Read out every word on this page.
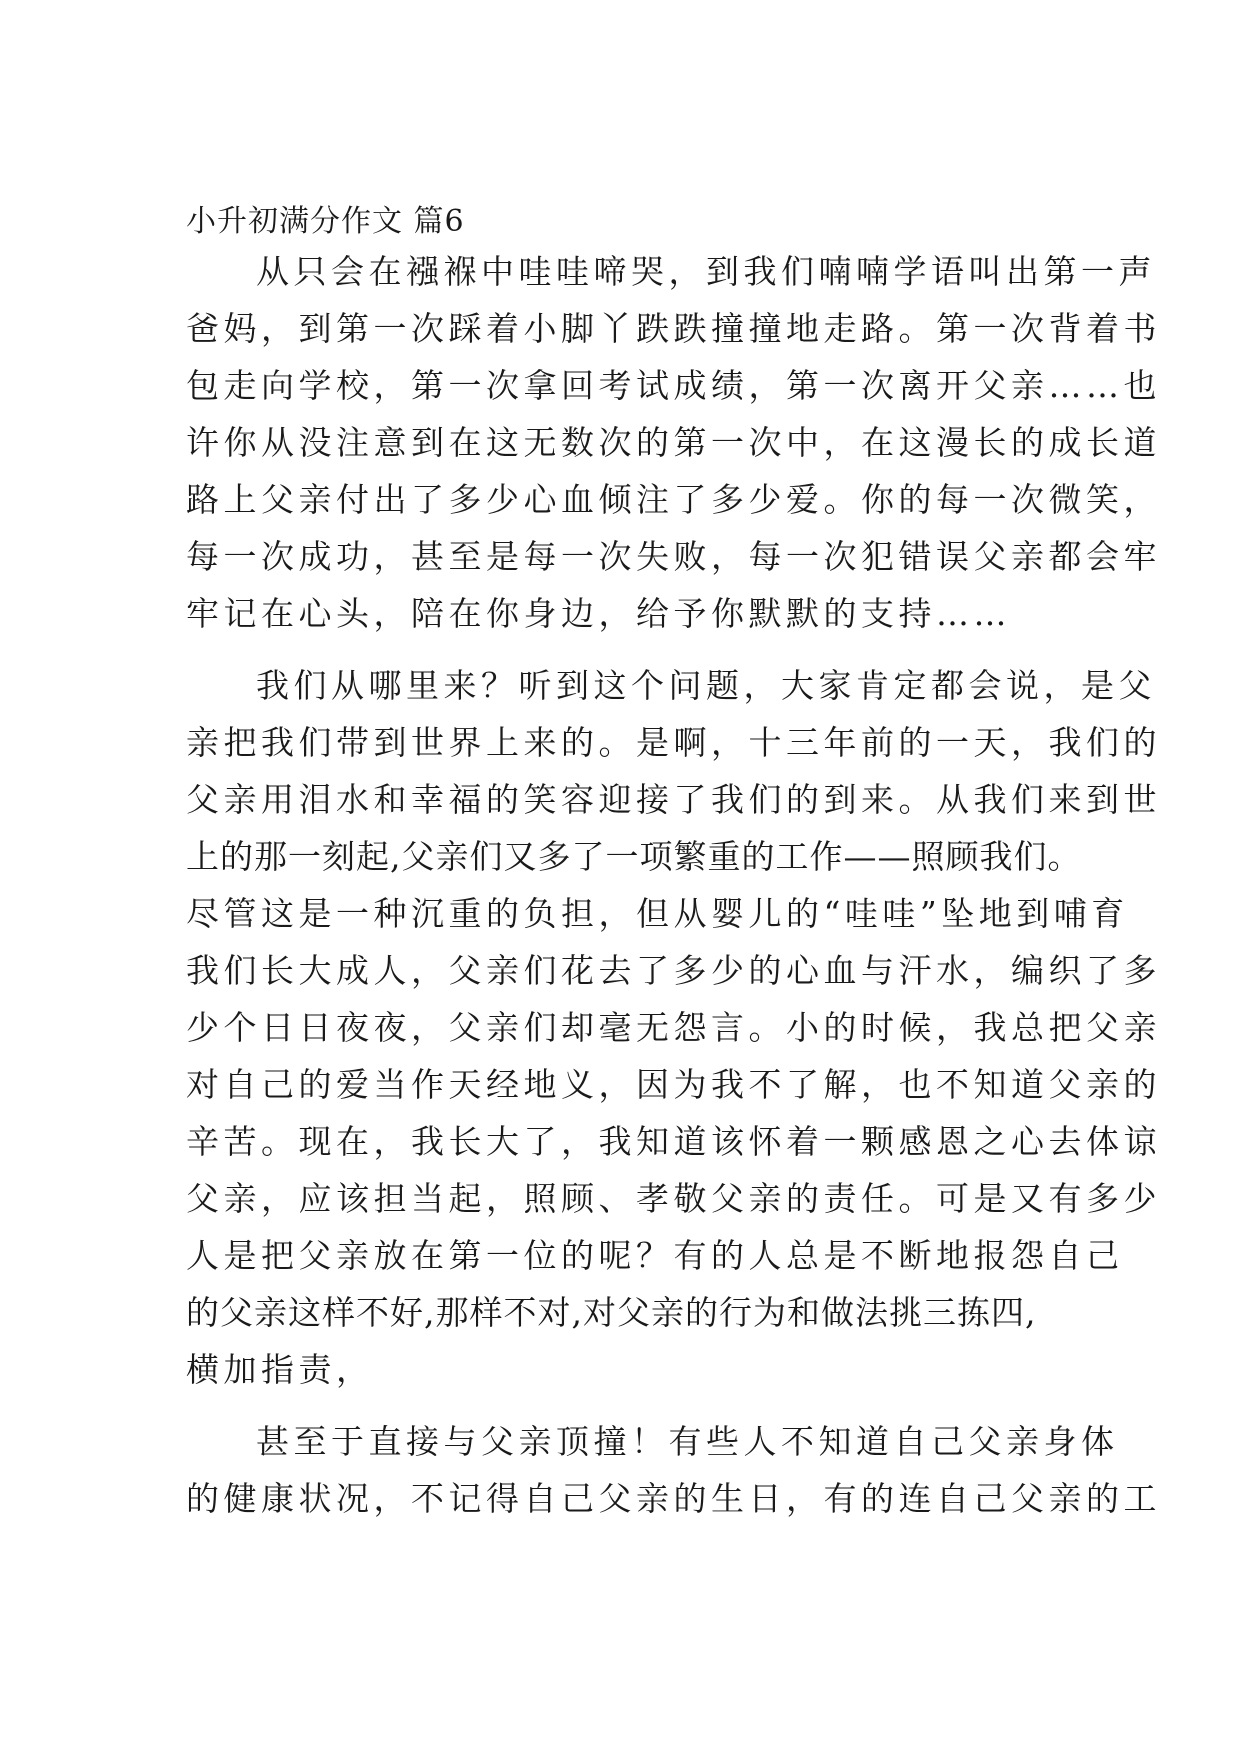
小升初满分作文 篇6
从只会在襁褓中哇哇啼哭，到我们喃喃学语叫出第一声
爸妈，到第一次踩着小脚丫跌跌撞撞地走路。第一次背着书
包走向学校，第一次拿回考试成绩，第一次离开父亲……也
许你从没注意到在这无数次的第一次中，在这漫长的成长道
路上父亲付出了多少心血倾注了多少爱。你的每一次微笑，
每一次成功，甚至是每一次失败，每一次犯错误父亲都会牢
牢记在心头，陪在你身边，给予你默默的支持……
我们从哪里来？听到这个问题，大家肯定都会说，是父
亲把我们带到世界上来的。是啊，十三年前的一天，我们的
父亲用泪水和幸福的笑容迎接了我们的到来。从我们来到世
上的那一刻起,父亲们又多了一项繁重的工作——照顾我们。
尽管这是一种沉重的负担，但从婴儿的“哇哇”坠地到哺育
我们长大成人，父亲们花去了多少的心血与汗水，编织了多
少个日日夜夜，父亲们却毫无怨言。小的时候，我总把父亲
对自己的爱当作天经地义，因为我不了解，也不知道父亲的
辛苦。现在，我长大了，我知道该怀着一颗感恩之心去体谅
父亲，应该担当起，照顾、孝敬父亲的责任。可是又有多少
人是把父亲放在第一位的呢？有的人总是不断地报怨自己
的父亲这样不好,那样不对,对父亲的行为和做法挑三拣四,
横加指责，
甚至于直接与父亲顶撞！有些人不知道自己父亲身体
的健康状况，不记得自己父亲的生日，有的连自己父亲的工
